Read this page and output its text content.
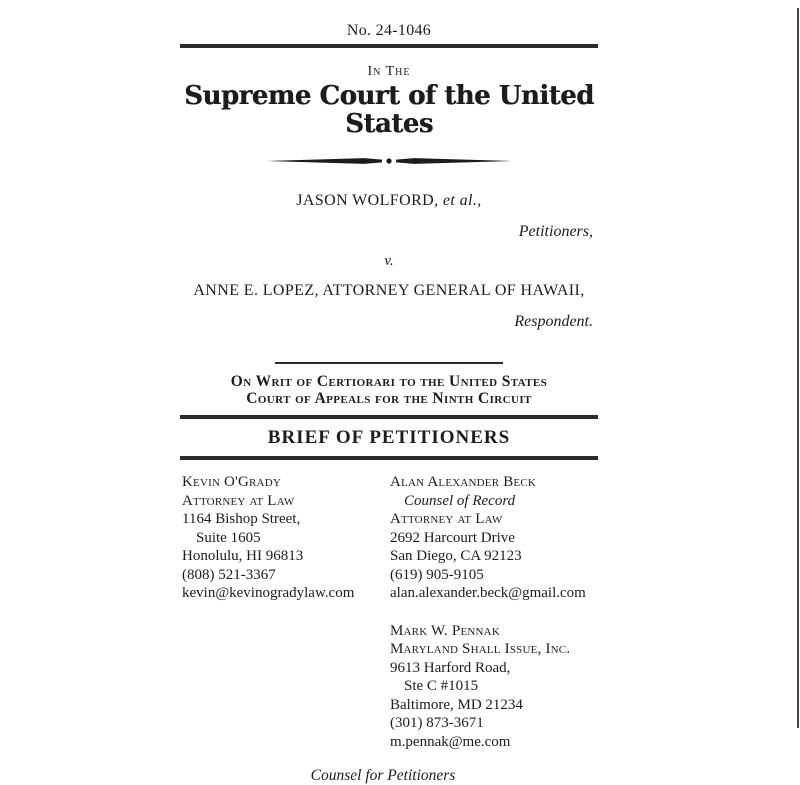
No. 24-1046
In The
Supreme Court of the United States
JASON WOLFORD, et al.,
Petitioners,
v.
ANNE E. LOPEZ, ATTORNEY GENERAL OF HAWAII,
Respondent.
On Writ of Certiorari to the United States
Court of Appeals for the Ninth Circuit
BRIEF OF PETITIONERS
Kevin O'Grady
Attorney at Law
1164 Bishop Street,
Suite 1605
Honolulu, HI 96813
(808) 521-3367
kevin@kevinogradylaw.com
Alan Alexander Beck
Counsel of Record
Attorney at Law
2692 Harcourt Drive
San Diego, CA 92123
(619) 905-9105
alan.alexander.beck@gmail.com
Mark W. Pennak
Maryland Shall Issue, Inc.
9613 Harford Road,
Ste C #1015
Baltimore, MD 21234
(301) 873-3671
m.pennak@me.com
Counsel for Petitioners
